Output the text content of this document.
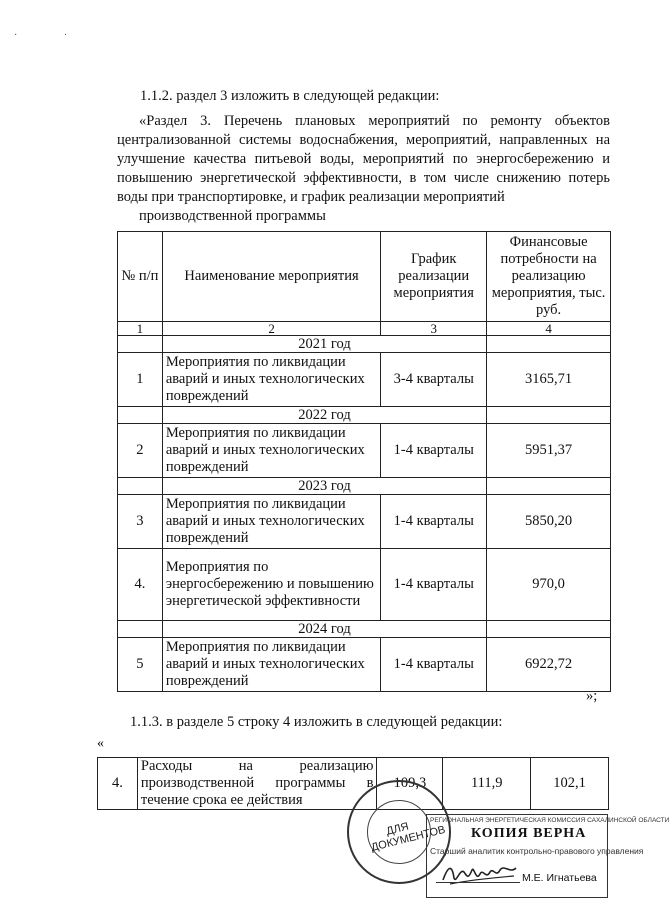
· ·
1.1.2. раздел 3 изложить в следующей редакции:
«Раздел 3. Перечень плановых мероприятий по ремонту объектов централизованной системы водоснабжения, мероприятий, направленных на улучшение качества питьевой воды, мероприятий по энергосбережению и повышению энергетической эффективности, в том числе снижению потерь воды при транспортировке, и график реализации мероприятий
производственной программы
№ п/п	Наименование мероприятия	График реализации мероприятия	Финансовые потребности на реализацию мероприятия, тыс. руб.
1	2	3	4
	2021 год		
1	Мероприятия по ликвидации аварий и иных технологических повреждений	3-4 кварталы	3165,71
	2022 год		
2	Мероприятия по ликвидации аварий и иных технологических повреждений	1-4 кварталы	5951,37
	2023 год		
3	Мероприятия по ликвидации аварий и иных технологических повреждений	1-4 кварталы	5850,20
4.	Мероприятия по энергосбережению и повышению энергетической эффективности	1-4 кварталы	970,0
	2024 год		
5	Мероприятия по ликвидации аварий и иных технологических повреждений	1-4 кварталы	6922,72
»;
1.1.3. в разделе 5 строку 4 изложить в следующей редакции:
«
4.	Расходы на реализацию производственной программы в течение срока ее действия	109,3	111,9	102,1
ДЛЯ ДОКУМЕНТОВ
РЕГИОНАЛЬНАЯ ЭНЕРГЕТИЧЕСКАЯ КОМИССИЯ САХАЛИНСКОЙ ОБЛАСТИ
КОПИЯ ВЕРНА
Старший аналитик контрольно-правового управления
М.Е. Игнатьева
